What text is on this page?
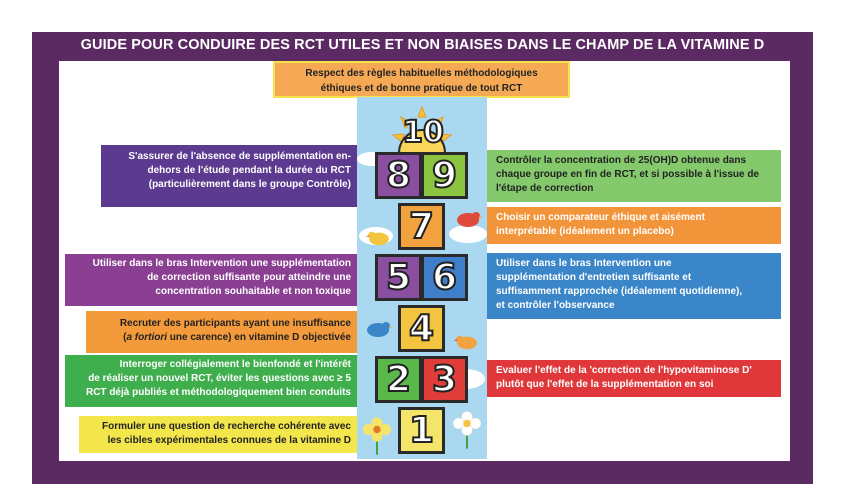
GUIDE POUR CONDUIRE DES RCT UTILES ET NON BIAISES DANS LE CHAMP DE LA VITAMINE D
Respect des règles habituelles méthodologiques
éthiques et de bonne pratique de tout RCT
S'assurer de l'absence de supplémentation en-
dehors de l'étude pendant la durée du RCT
(particulièrement dans le groupe Contrôle)
Utiliser dans le bras Intervention une supplémentation
de correction suffisante pour atteindre une
concentration souhaitable et non toxique
Recruter des participants ayant une insuffisance
(a fortiori une carence) en vitamine D objectivée
Interroger collégialement le bienfondé et l'intérêt
de réaliser un nouvel RCT, éviter les questions avec ≥ 5
RCT déjà publiés et méthodologiquement bien conduits
Formuler une question de recherche cohérente avec
les cibles expérimentales connues de la vitamine D
Contrôler la concentration de 25(OH)D obtenue dans
chaque groupe en fin de RCT, et si possible à l'issue de
l'étape de correction
Choisir un comparateur éthique et aisément
interprétable (idéalement un placebo)
Utiliser dans le bras Intervention une
supplémentation d'entretien suffisante et
suffisamment rapprochée (idéalement quotidienne),
et contrôler l'observance
Evaluer l'effet de la 'correction de l'hypovitaminose D'
plutôt que l'effet de la supplémentation en soi
10
8 9
7
5 6
4
2 3
1
